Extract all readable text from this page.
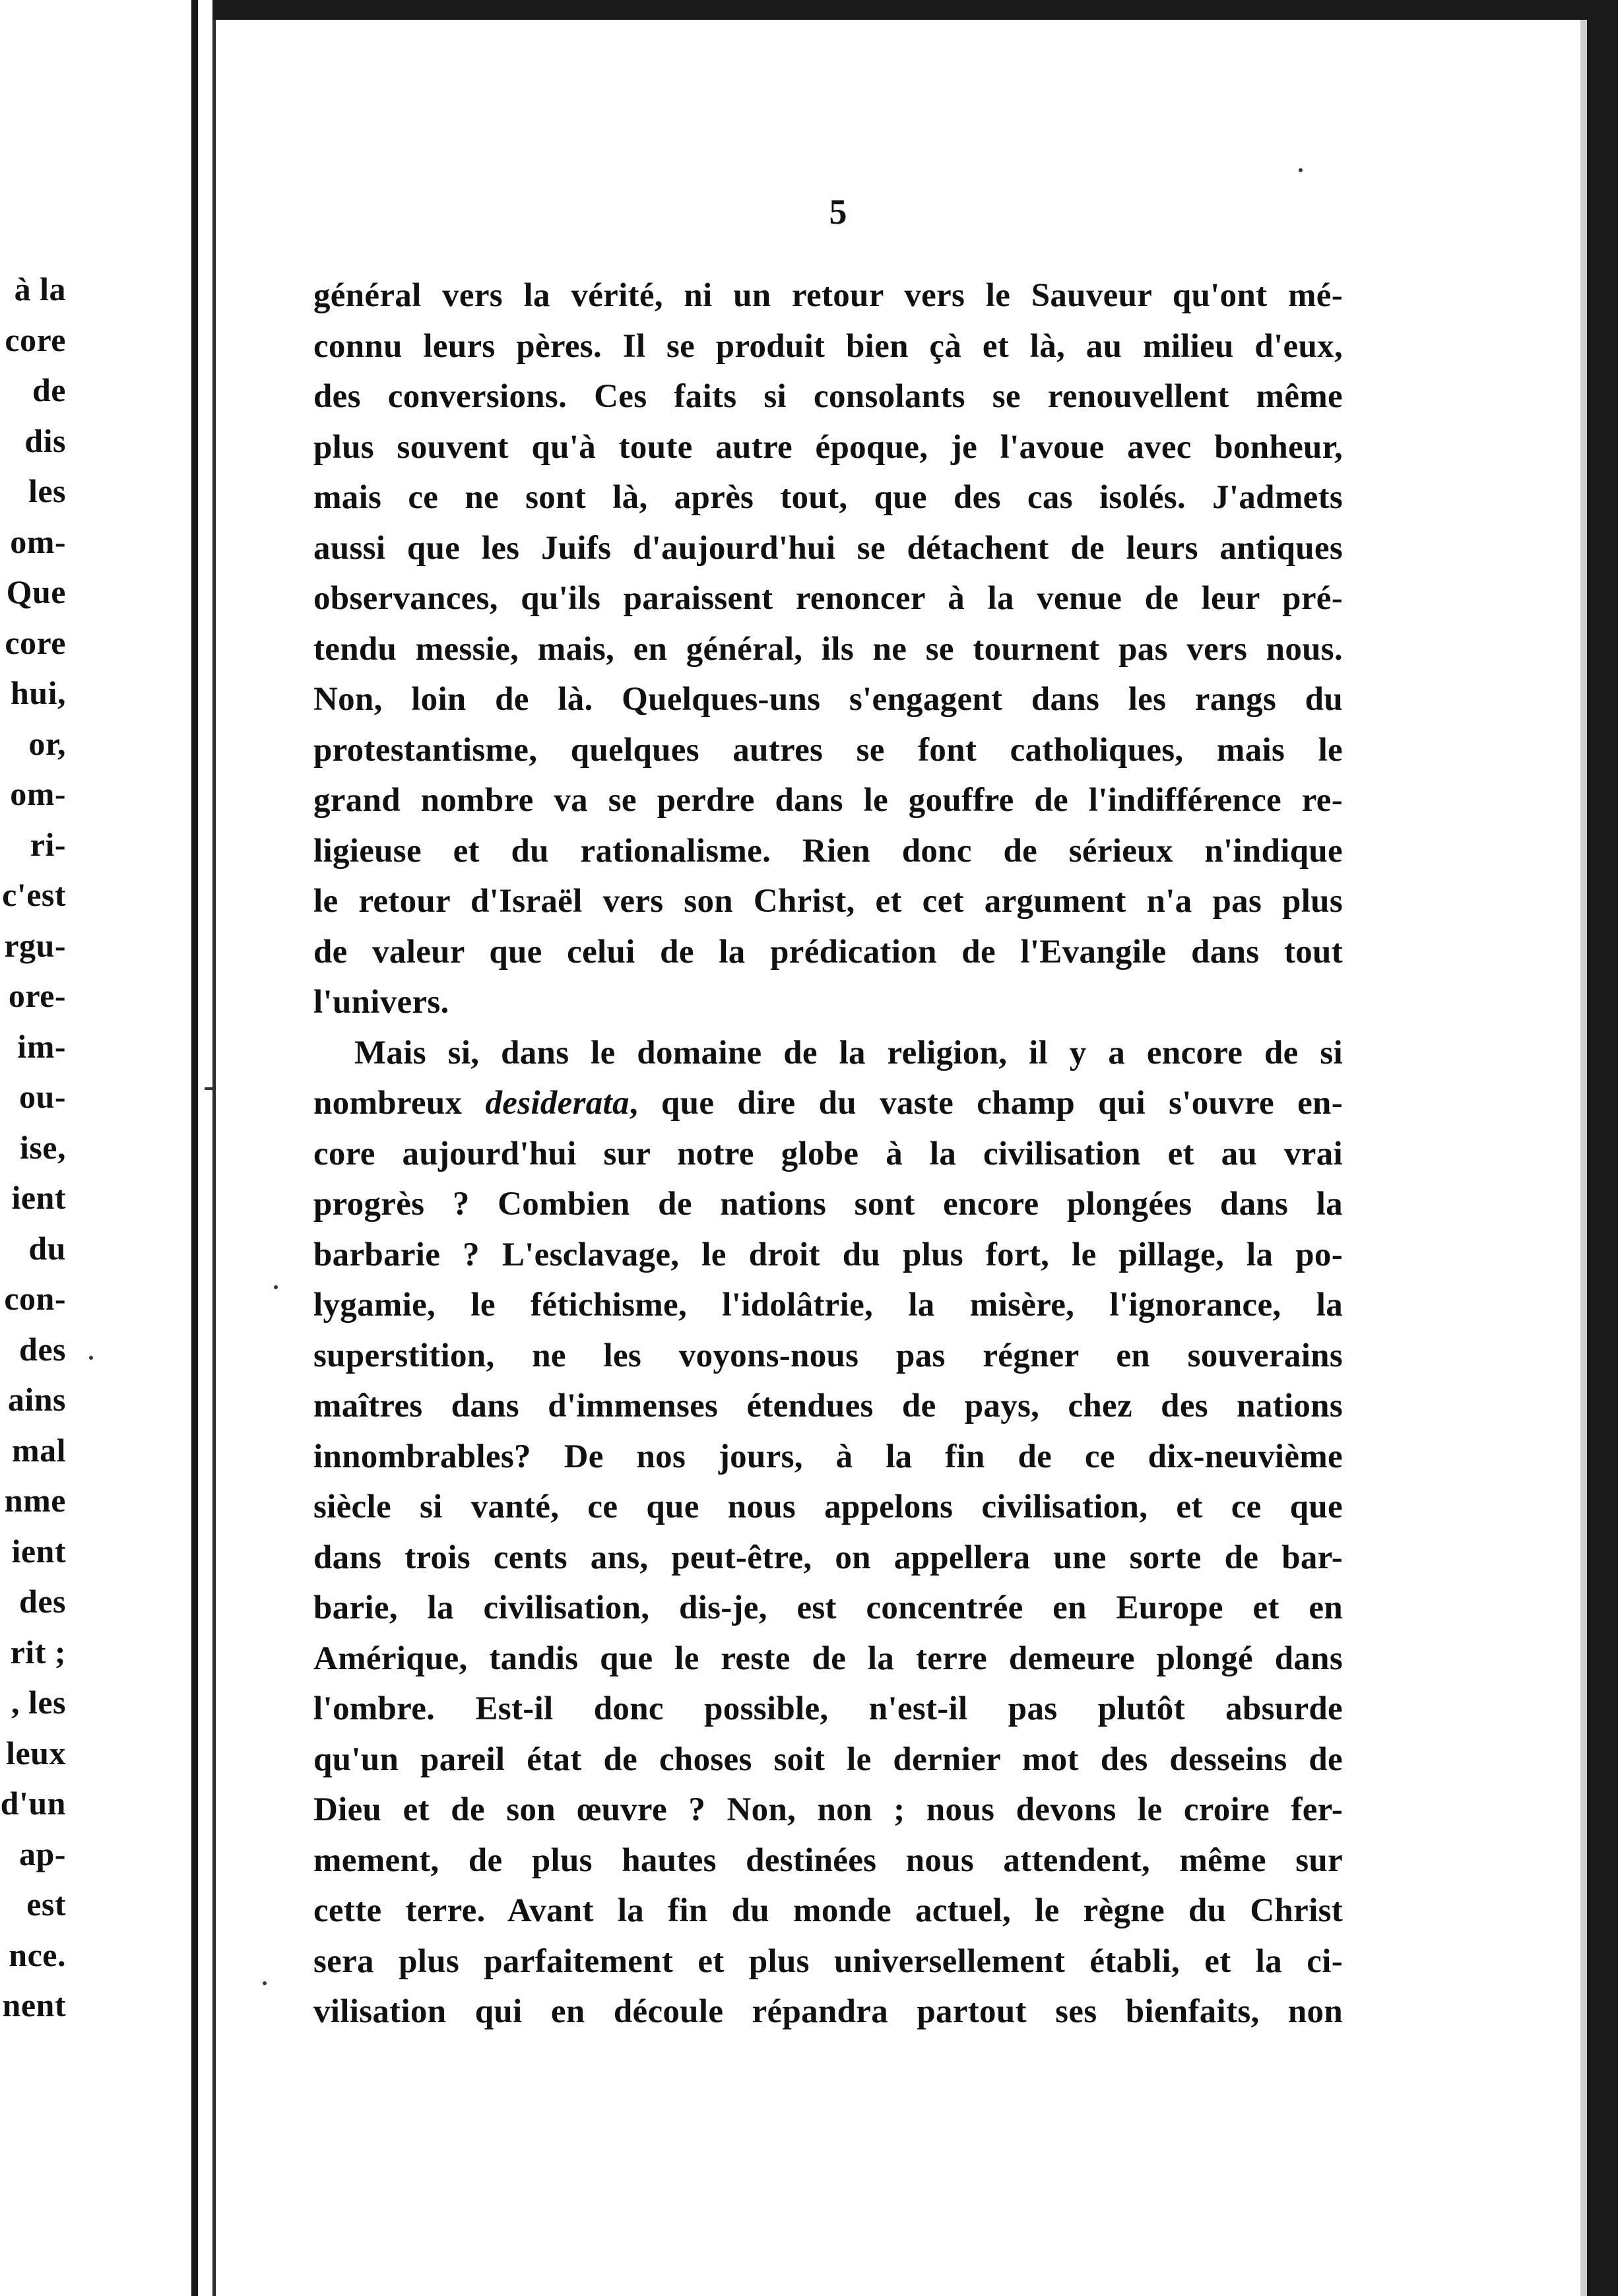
à la
core
de
dis
les
om-
Que
core
hui,
or,
om-
ri-
c'est
rgu-
ore-
im-
ou-
ise,
ient
du
con-
des
ains
mal
nme
ient
des
rit ;
, les
leux
d'un
ap-
est
nce.
nent
5
général vers la vérité, ni un retour vers le Sauveur qu'ont mé-
connu leurs pères. Il se produit bien çà et là, au milieu d'eux,
des conversions. Ces faits si consolants se renouvellent même
plus souvent qu'à toute autre époque, je l'avoue avec bonheur,
mais ce ne sont là, après tout, que des cas isolés. J'admets
aussi que les Juifs d'aujourd'hui se détachent de leurs antiques
observances, qu'ils paraissent renoncer à la venue de leur pré-
tendu messie, mais, en général, ils ne se tournent pas vers nous.
Non, loin de là. Quelques-uns s'engagent dans les rangs du
protestantisme, quelques autres se font catholiques, mais le
grand nombre va se perdre dans le gouffre de l'indifférence re-
ligieuse et du rationalisme. Rien donc de sérieux n'indique
le retour d'Israël vers son Christ, et cet argument n'a pas plus
de valeur que celui de la prédication de l'Evangile dans tout
l'univers.
Mais si, dans le domaine de la religion, il y a encore de si
nombreux desiderata, que dire du vaste champ qui s'ouvre en-
core aujourd'hui sur notre globe à la civilisation et au vrai
progrès ? Combien de nations sont encore plongées dans la
barbarie ? L'esclavage, le droit du plus fort, le pillage, la po-
lygamie, le fétichisme, l'idolâtrie, la misère, l'ignorance, la
superstition, ne les voyons-nous pas régner en souverains
maîtres dans d'immenses étendues de pays, chez des nations
innombrables? De nos jours, à la fin de ce dix-neuvième
siècle si vanté, ce que nous appelons civilisation, et ce que
dans trois cents ans, peut-être, on appellera une sorte de bar-
barie, la civilisation, dis-je, est concentrée en Europe et en
Amérique, tandis que le reste de la terre demeure plongé dans
l'ombre. Est-il donc possible, n'est-il pas plutôt absurde
qu'un pareil état de choses soit le dernier mot des desseins de
Dieu et de son œuvre ? Non, non ; nous devons le croire fer-
mement, de plus hautes destinées nous attendent, même sur
cette terre. Avant la fin du monde actuel, le règne du Christ
sera plus parfaitement et plus universellement établi, et la ci-
vilisation qui en découle répandra partout ses bienfaits, non
